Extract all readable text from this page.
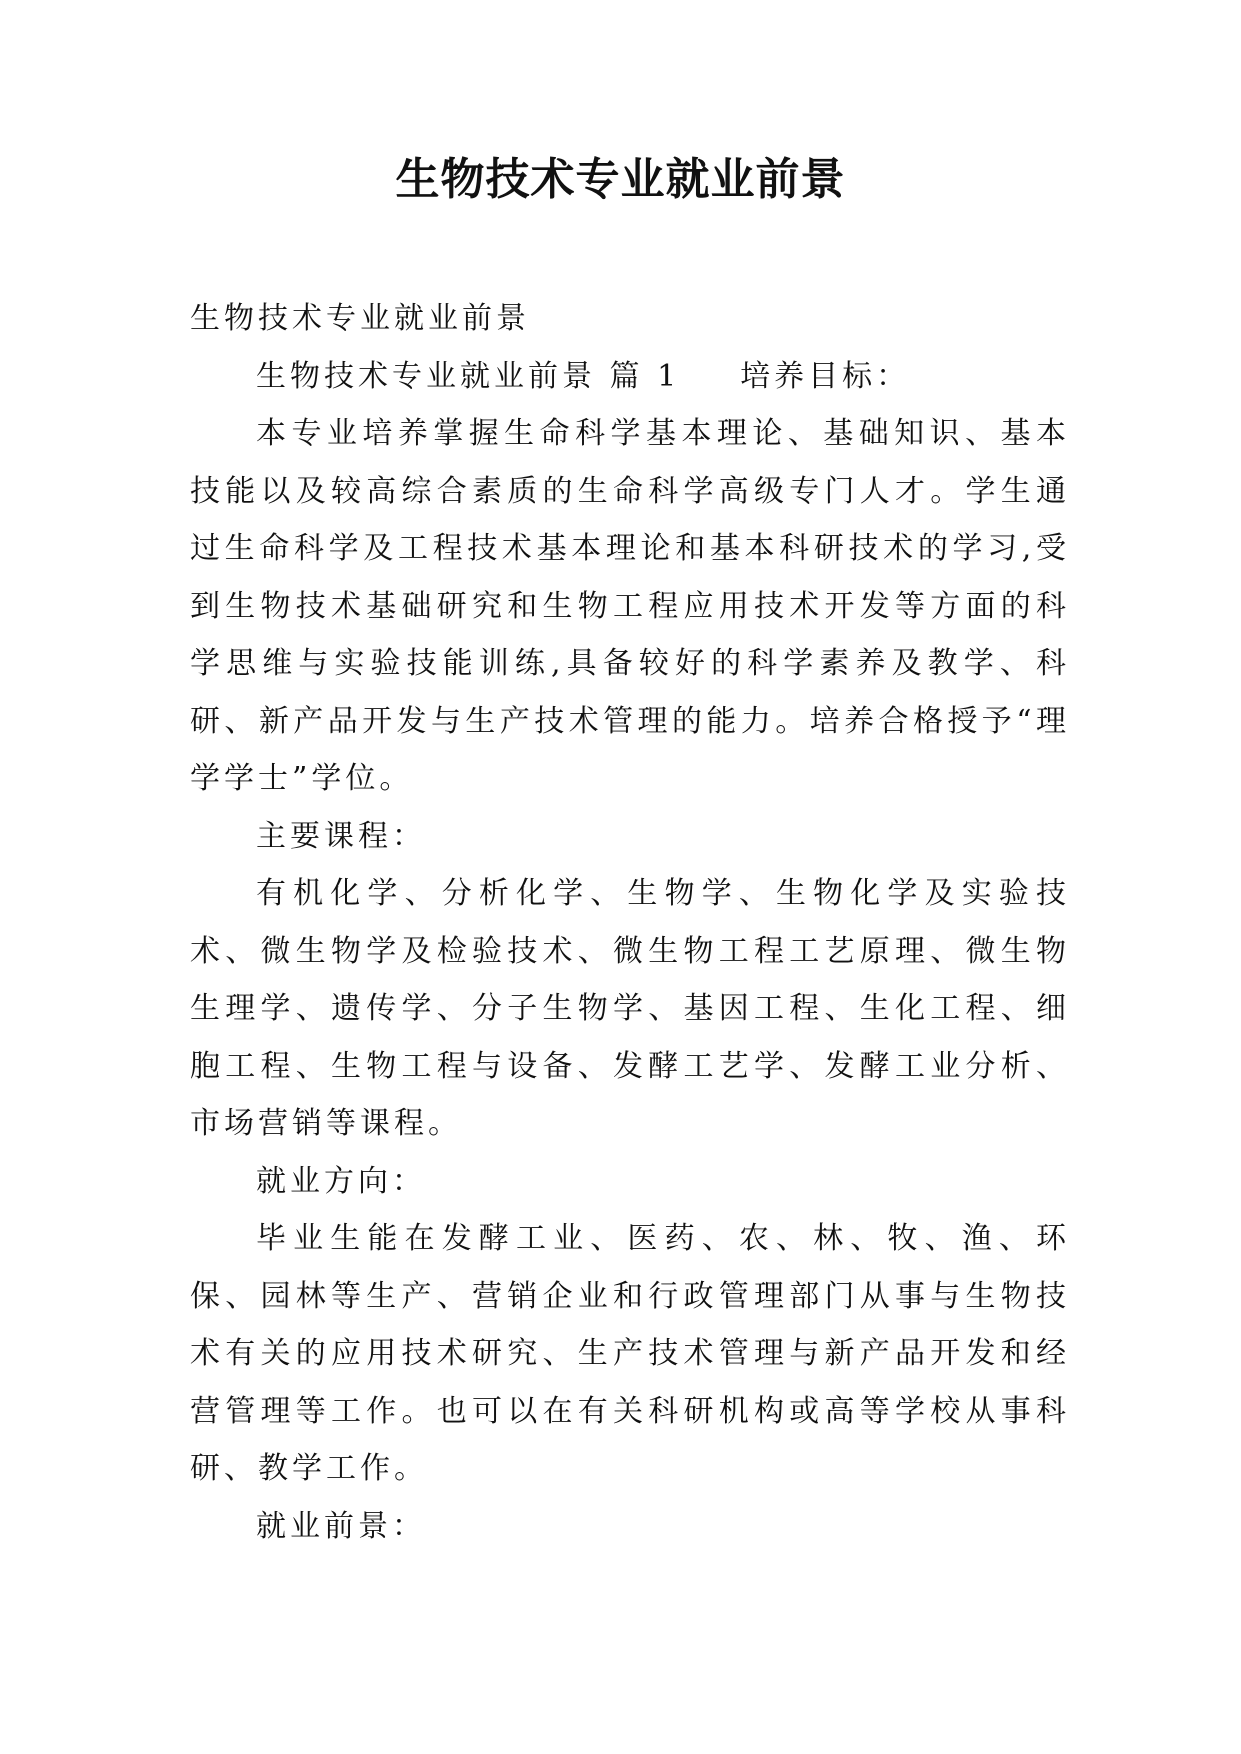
生物技术专业就业前景

生物技术专业就业前景

生物技术专业就业前景 篇 1 培养目标：

本专业培养掌握生命科学基本理论、基础知识、基本技能以及较高综合素质的生命科学高级专门人才。学生通过生命科学及工程技术基本理论和基本科研技术的学习,受到生物技术基础研究和生物工程应用技术开发等方面的科学思维与实验技能训练,具备较好的科学素养及教学、科研、新产品开发与生产技术管理的能力。培养合格授予“理学学士”学位。

主要课程：

有机化学、分析化学、生物学、生物化学及实验技术、微生物学及检验技术、微生物工程工艺原理、微生物生理学、遗传学、分子生物学、基因工程、生化工程、细胞工程、生物工程与设备、发酵工艺学、发酵工业分析、市场营销等课程。

就业方向：

毕业生能在发酵工业、医药、农、林、牧、渔、环保、园林等生产、营销企业和行政管理部门从事与生物技术有关的应用技术研究、生产技术管理与新产品开发和经营管理等工作。也可以在有关科研机构或高等学校从事科研、教学工作。

就业前景：
